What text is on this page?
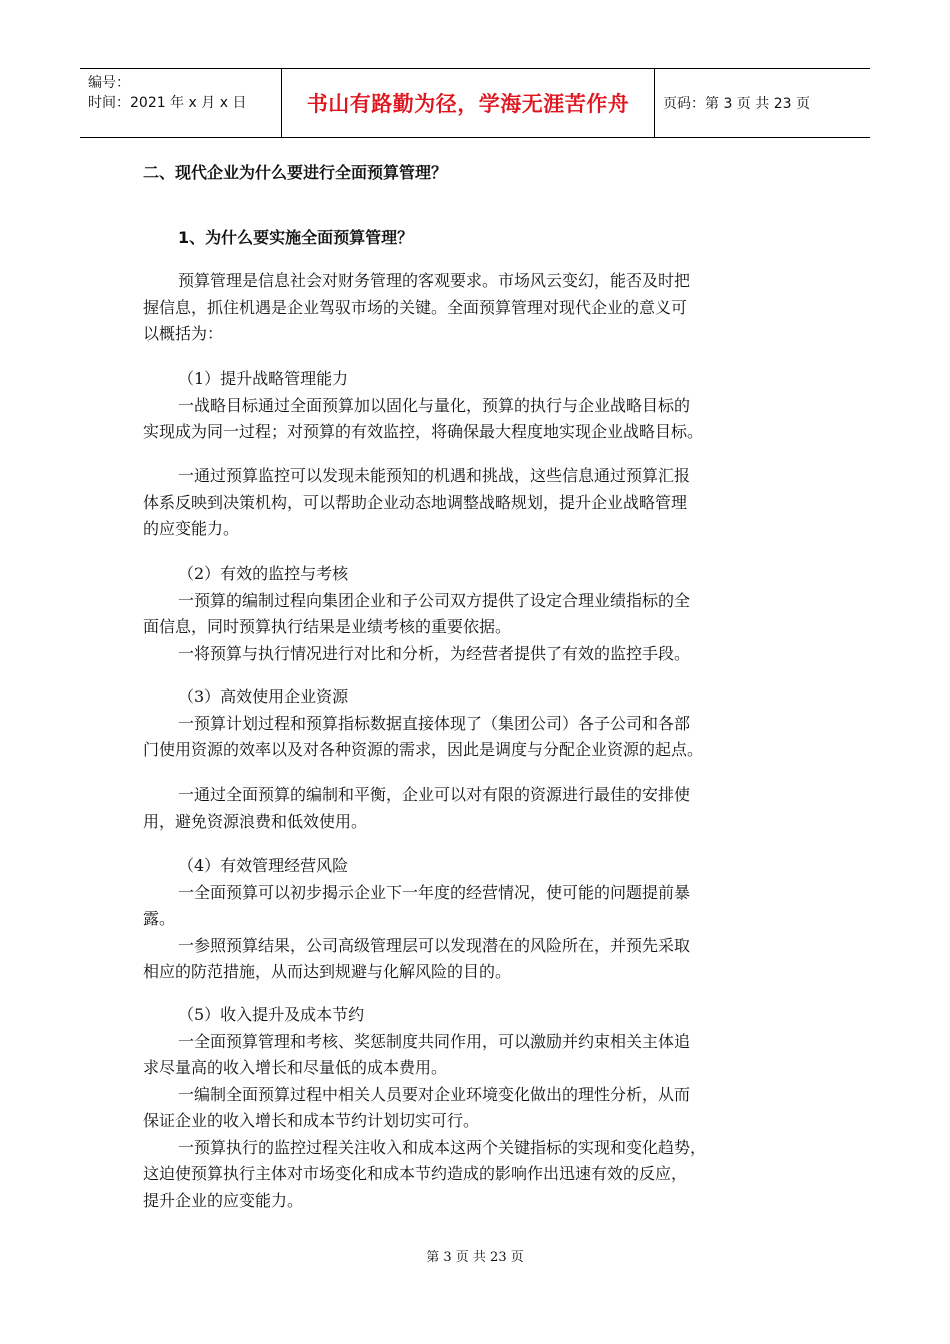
编号：
时间：2021 年 x 月 x 日	书山有路勤为径，学海无涯苦作舟	页码：第 3 页 共 23 页
二、现代企业为什么要进行全面预算管理？
1、为什么要实施全面预算管理？
预算管理是信息社会对财务管理的客观要求。市场风云变幻，能否及时把
握信息，抓住机遇是企业驾驭市场的关键。全面预算管理对现代企业的意义可
以概括为：
（1）提升战略管理能力
一战略目标通过全面预算加以固化与量化，预算的执行与企业战略目标的
实现成为同一过程；对预算的有效监控，将确保最大程度地实现企业战略目标。
一通过预算监控可以发现未能预知的机遇和挑战，这些信息通过预算汇报
体系反映到决策机构，可以帮助企业动态地调整战略规划，提升企业战略管理
的应变能力。
（2）有效的监控与考核
一预算的编制过程向集团企业和子公司双方提供了设定合理业绩指标的全
面信息，同时预算执行结果是业绩考核的重要依据。
一将预算与执行情况进行对比和分析，为经营者提供了有效的监控手段。
（3）高效使用企业资源
一预算计划过程和预算指标数据直接体现了（集团公司）各子公司和各部
门使用资源的效率以及对各种资源的需求，因此是调度与分配企业资源的起点。
一通过全面预算的编制和平衡，企业可以对有限的资源进行最佳的安排使
用，避免资源浪费和低效使用。
（4）有效管理经营风险
一全面预算可以初步揭示企业下一年度的经营情况，使可能的问题提前暴
露。
一参照预算结果，公司高级管理层可以发现潜在的风险所在，并预先采取
相应的防范措施，从而达到规避与化解风险的目的。
（5）收入提升及成本节约
一全面预算管理和考核、奖惩制度共同作用，可以激励并约束相关主体追
求尽量高的收入增长和尽量低的成本费用。
一编制全面预算过程中相关人员要对企业环境变化做出的理性分析，从而
保证企业的收入增长和成本节约计划切实可行。
一预算执行的监控过程关注收入和成本这两个关键指标的实现和变化趋势，
这迫使预算执行主体对市场变化和成本节约造成的影响作出迅速有效的反应，
提升企业的应变能力。
第 3 页 共 23 页
